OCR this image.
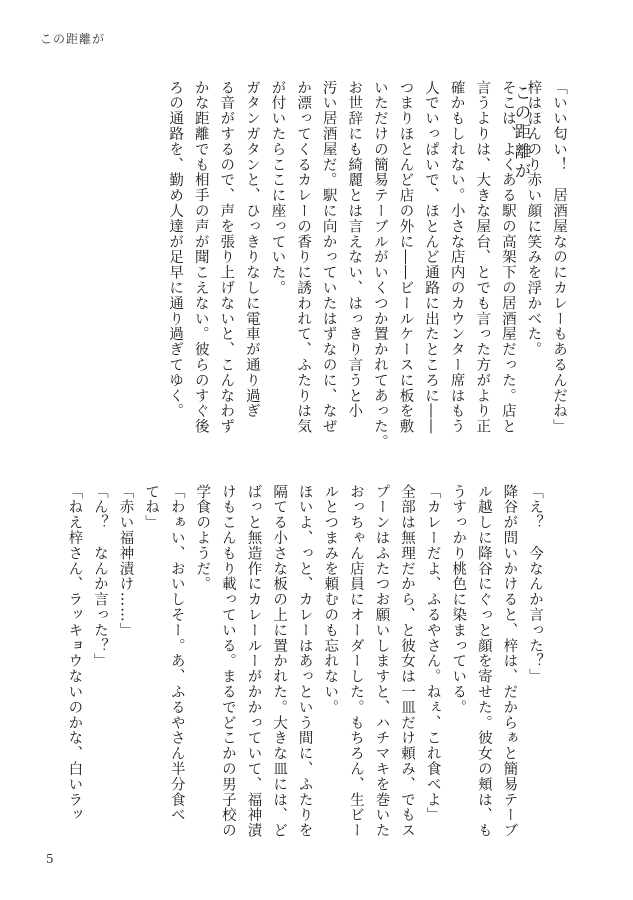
この距離が
この距離が	「いい匂い！　居酒屋なのにカレーもあるんだね」
梓はほんのり赤い顔に笑みを浮かべた。
そこは、よくある駅の高架下の居酒屋だった。店と
言うよりは、大きな屋台、とでも言った方がより正
確かもしれない。小さな店内のカウンター席はもう
人でいっぱいで、ほとんど通路に出たところに――
つまりほとんど店の外に――ビールケースに板を敷
いただけの簡易テーブルがいくつか置かれてあった。
お世辞にも綺麗とは言えない、はっきり言うと小
汚い居酒屋だ。駅に向かっていたはずなのに、なぜ
か漂ってくるカレーの香りに誘われて、ふたりは気
が付いたらここに座っていた。
ガタンガタンと、ひっきりなしに電車が通り過ぎ
る音がするので、声を張り上げないと、こんなわず
かな距離でも相手の声が聞こえない。彼らのすぐ後
ろの通路を、勤め人達が足早に通り過ぎてゆく。
「え？　今なんか言った？」
降谷が問いかけると、梓は、だからぁと簡易テーブ
ル越しに降谷にぐっと顔を寄せた。彼女の頬は、も
うすっかり桃色に染まっている。
「カレーだよ、ふるやさん。ねぇ、これ食べよ」
全部は無理だから、と彼女は一皿だけ頼み、でもス
プーンはふたつお願いしますと、ハチマキを巻いた
おっちゃん店員にオーダーした。もちろん、生ビー
ルとつまみを頼むのも忘れない。
ほいよ、っと、カレーはあっという間に、ふたりを
隔てる小さな板の上に置かれた。大きな皿には、ど
ばっと無造作にカレールーがかかっていて、福神漬
けもこんもり載っている。まるでどこかの男子校の
学食のようだ。
「わぁい、おいしそー。あ、ふるやさん半分食べ
てね」
「赤い福神漬け……」
「ん？　なんか言った？」
「ねえ梓さん、ラッキョウないのかな、白いラッ
5
